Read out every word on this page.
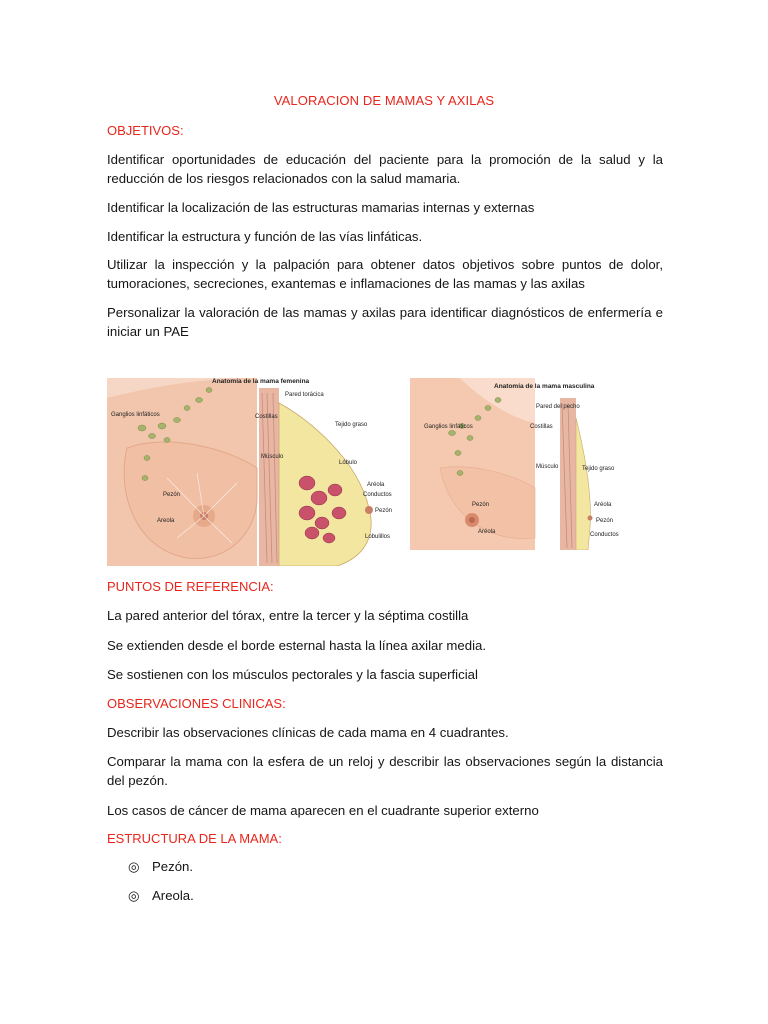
VALORACION DE MAMAS Y AXILAS
OBJETIVOS:
Identificar oportunidades de educación del paciente para la promoción de la salud y la reducción de los riesgos relacionados con la salud mamaria.
Identificar la localización de las estructuras mamarias internas y externas
Identificar la estructura y función de las vías linfáticas.
Utilizar la inspección y la palpación para obtener datos objetivos sobre puntos de dolor, tumoraciones, secreciones, exantemas e inflamaciones de las mamas y las axilas
Personalizar la valoración de las mamas y axilas para identificar diagnósticos de enfermería e iniciar un PAE
Anatomía de la mama femenina
Ganglios linfáticos
Pezón
Areola
Pared torácica
Costillas
Músculo
Tejido graso
Lóbulo
Conductos
Aréola
Pezón
Lobulillos
Anatomía de la mama masculina
Ganglios linfáticos
Pezón
Aréola
Pared del pecho
Costillas
Músculo	Tejido graso
Aréola
Pezón
Conductos
PUNTOS DE REFERENCIA:
La pared anterior del tórax, entre la tercer y la séptima costilla
Se extienden desde el borde esternal hasta la línea axilar media.
Se sostienen con los músculos pectorales y la fascia superficial
OBSERVACIONES CLINICAS:
Describir las observaciones clínicas de cada mama en 4 cuadrantes.
Comparar la mama con la esfera de un reloj y describir las observaciones según la distancia del pezón.
Los casos de cáncer de mama aparecen en el cuadrante superior externo
ESTRUCTURA DE LA MAMA:
◎ Pezón.
◎ Areola.
